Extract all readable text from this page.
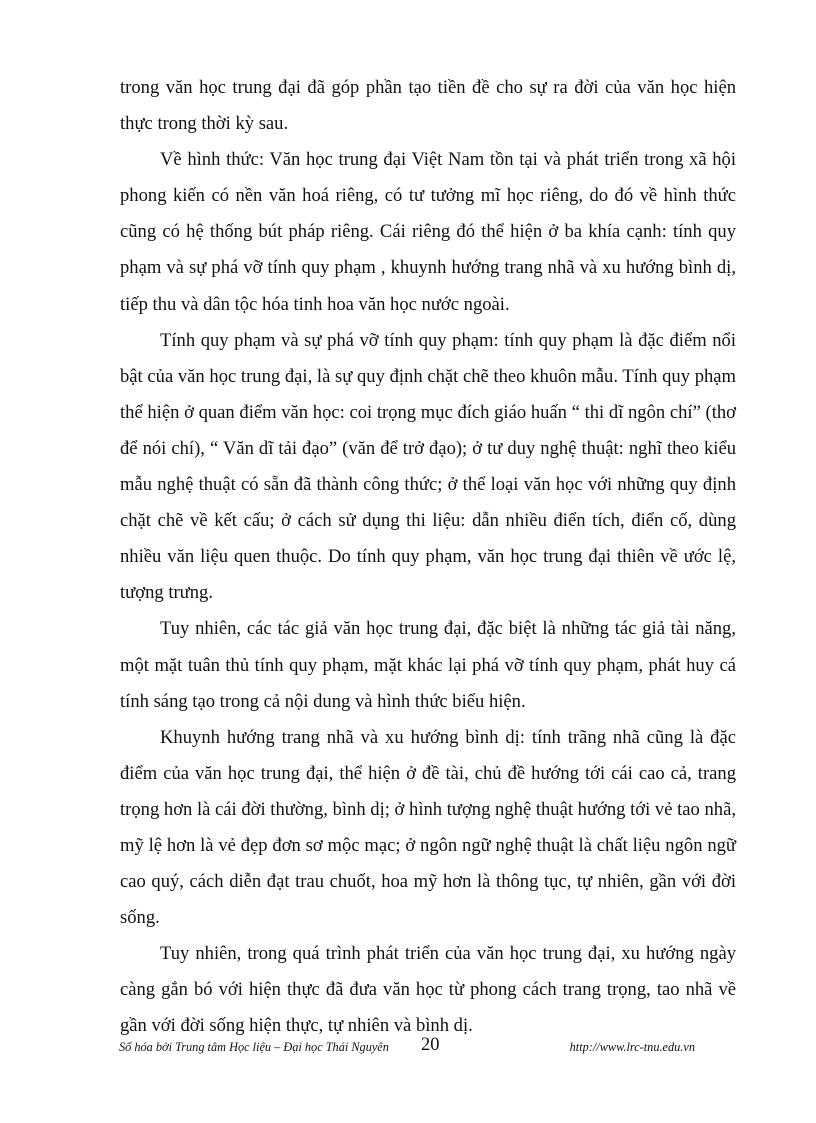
trong văn học trung đại đã góp phần tạo tiền đề cho sự ra đời của văn học hiện thực trong thời kỳ sau.

Về hình thức: Văn học trung đại Việt Nam tồn tại và phát triển trong xã hội phong kiến có nền văn hoá riêng, có tư tưởng mĩ học riêng, do đó về hình thức cũng có hệ thống bút pháp riêng. Cái riêng đó thể hiện ở ba khía cạnh: tính quy phạm và sự phá vỡ tính quy phạm , khuynh hướng trang nhã và xu hướng bình dị, tiếp thu và dân tộc hóa tinh hoa văn học nước ngoài.

Tính quy phạm và sự phá vỡ tính quy phạm: tính quy phạm là đặc điểm nổi bật của văn học trung đại, là sự quy định chặt chẽ theo khuôn mẫu. Tính quy phạm thể hiện ở quan điểm văn học: coi trọng mục đích giáo huấn “ thi dĩ ngôn chí” (thơ để nói chí), “ Văn dĩ tải đạo” (văn để trở đạo); ở tư duy nghệ thuật: nghĩ theo kiểu mẫu nghệ thuật có sẵn đã thành công thức; ở thể loại văn học với những quy định chặt chẽ về kết cấu; ở cách sử dụng thi liệu: dẫn nhiều điển tích, điển cố, dùng nhiều văn liệu quen thuộc. Do tính quy phạm, văn học trung đại thiên về ước lệ, tượng trưng.

Tuy nhiên, các tác giả văn học trung đại, đặc biệt là những tác giả tài năng, một mặt tuân thủ tính quy phạm, mặt khác lại phá vỡ tính quy phạm, phát huy cá tính sáng tạo trong cả nội dung và hình thức biểu hiện.

Khuynh hướng trang nhã và xu hướng bình dị: tính trãng nhã cũng là đặc điểm của văn học trung đại, thể hiện ở đề tài, chủ đề hướng tới cái cao cả, trang trọng hơn là cái đời thường, bình dị; ở hình tượng nghệ thuật hướng tới vẻ tao nhã, mỹ lệ hơn là vẻ đẹp đơn sơ mộc mạc; ở ngôn ngữ nghệ thuật là chất liệu ngôn ngữ cao quý, cách diễn đạt trau chuốt, hoa mỹ hơn là thông tục, tự nhiên, gần với đời sống.

Tuy nhiên, trong quá trình phát triển của văn học trung đại, xu hướng ngày càng gắn bó với hiện thực đã đưa văn học từ phong cách trang trọng, tao nhã về gần với đời sống hiện thực, tự nhiên và bình dị.

Số hóa bởi Trung tâm Học liệu – Đại học Thái Nguyên 20	http://www.lrc-tnu.edu.vn
